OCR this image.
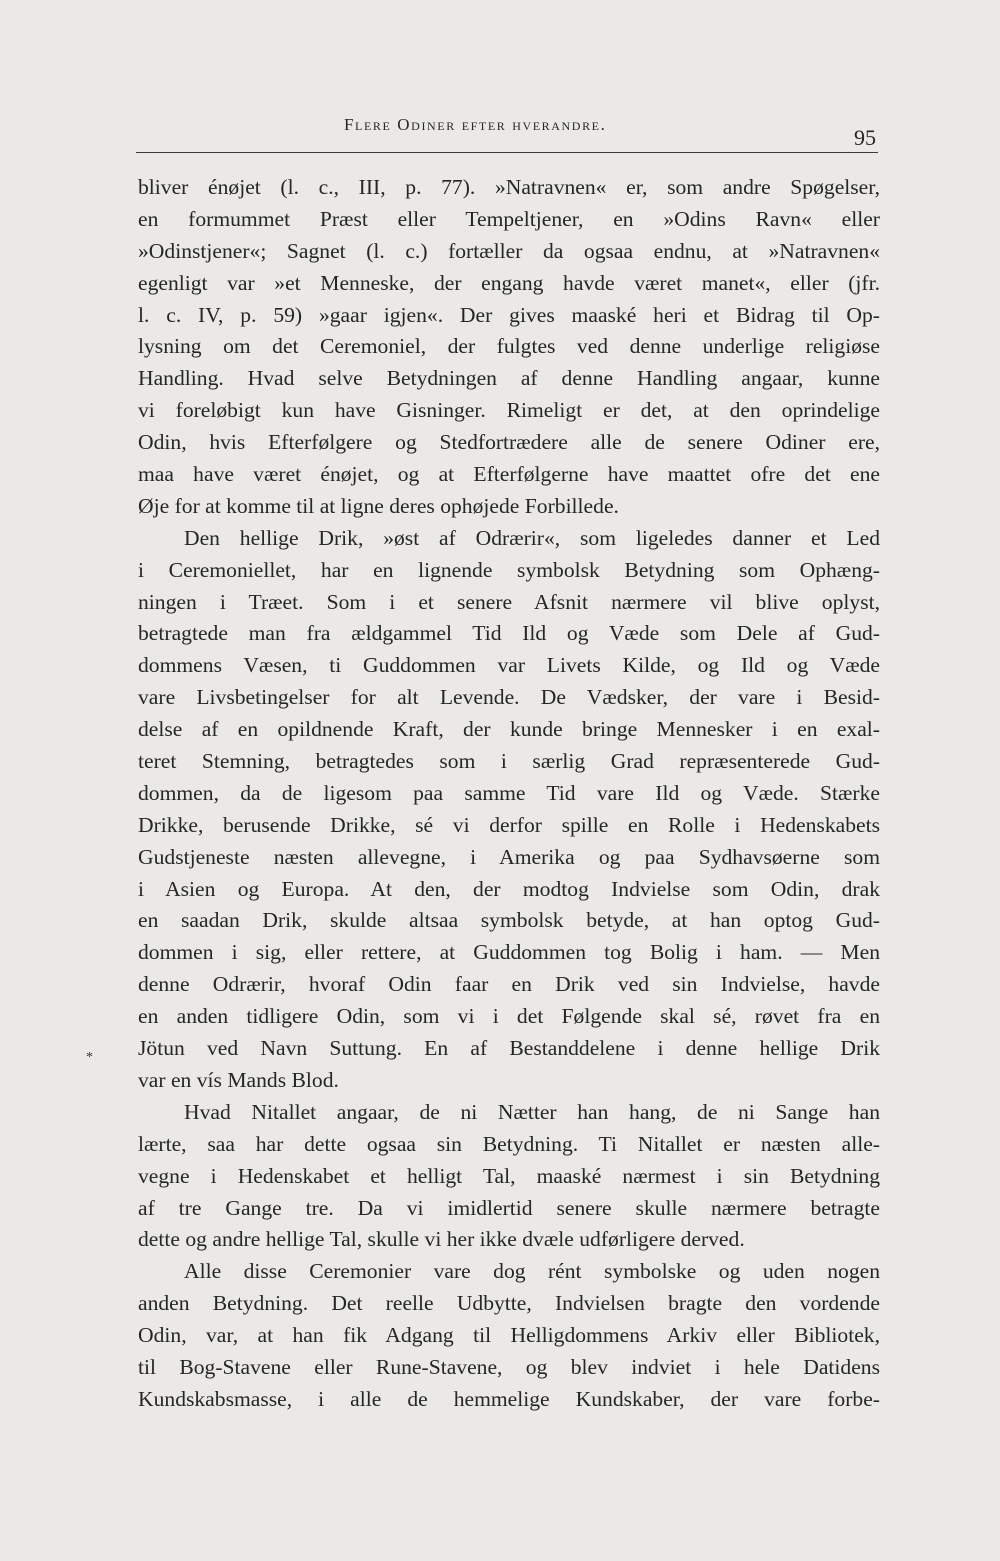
Flere Odiner efter hverandre.
95
*
bliver énøjet (l. c., III, p. 77). »Natravnen« er, som andre Spøgelser,
en formummet Præst eller Tempeltjener, en »Odins Ravn« eller
»Odinstjener«; Sagnet (l. c.) fortæller da ogsaa endnu, at »Natravnen«
egenligt var »et Menneske, der engang havde været manet«, eller (jfr.
l. c. IV, p. 59) »gaar igjen«. Der gives maaské heri et Bidrag til Op-
lysning om det Ceremoniel, der fulgtes ved denne underlige religiøse
Handling. Hvad selve Betydningen af denne Handling angaar, kunne
vi foreløbigt kun have Gisninger. Rimeligt er det, at den oprindelige
Odin, hvis Efterfølgere og Stedfortrædere alle de senere Odiner ere,
maa have været énøjet, og at Efterfølgerne have maattet ofre det ene
Øje for at komme til at ligne deres ophøjede Forbillede.
Den hellige Drik, »øst af Odrærir«, som ligeledes danner et Led
i Ceremoniellet, har en lignende symbolsk Betydning som Ophæng-
ningen i Træet. Som i et senere Afsnit nærmere vil blive oplyst,
betragtede man fra ældgammel Tid Ild og Væde som Dele af Gud-
dommens Væsen, ti Guddommen var Livets Kilde, og Ild og Væde
vare Livsbetingelser for alt Levende. De Vædsker, der vare i Besid-
delse af en opildnende Kraft, der kunde bringe Mennesker i en exal-
teret Stemning, betragtedes som i særlig Grad repræsenterede Gud-
dommen, da de ligesom paa samme Tid vare Ild og Væde. Stærke
Drikke, berusende Drikke, sé vi derfor spille en Rolle i Hedenskabets
Gudstjeneste næsten allevegne, i Amerika og paa Sydhavsøerne som
i Asien og Europa. At den, der modtog Indvielse som Odin, drak
en saadan Drik, skulde altsaa symbolsk betyde, at han optog Gud-
dommen i sig, eller rettere, at Guddommen tog Bolig i ham. — Men
denne Odrærir, hvoraf Odin faar en Drik ved sin Indvielse, havde
en anden tidligere Odin, som vi i det Følgende skal sé, røvet fra en
Jötun ved Navn Suttung. En af Bestanddelene i denne hellige Drik
var en vís Mands Blod.
Hvad Nitallet angaar, de ni Nætter han hang, de ni Sange han
lærte, saa har dette ogsaa sin Betydning. Ti Nitallet er næsten alle-
vegne i Hedenskabet et helligt Tal, maaské nærmest i sin Betydning
af tre Gange tre. Da vi imidlertid senere skulle nærmere betragte
dette og andre hellige Tal, skulle vi her ikke dvæle udførligere derved.
Alle disse Ceremonier vare dog rént symbolske og uden nogen
anden Betydning. Det reelle Udbytte, Indvielsen bragte den vordende
Odin, var, at han fik Adgang til Helligdommens Arkiv eller Bibliotek,
til Bog-Stavene eller Rune-Stavene, og blev indviet i hele Datidens
Kundskabsmasse, i alle de hemmelige Kundskaber, der vare forbe-
